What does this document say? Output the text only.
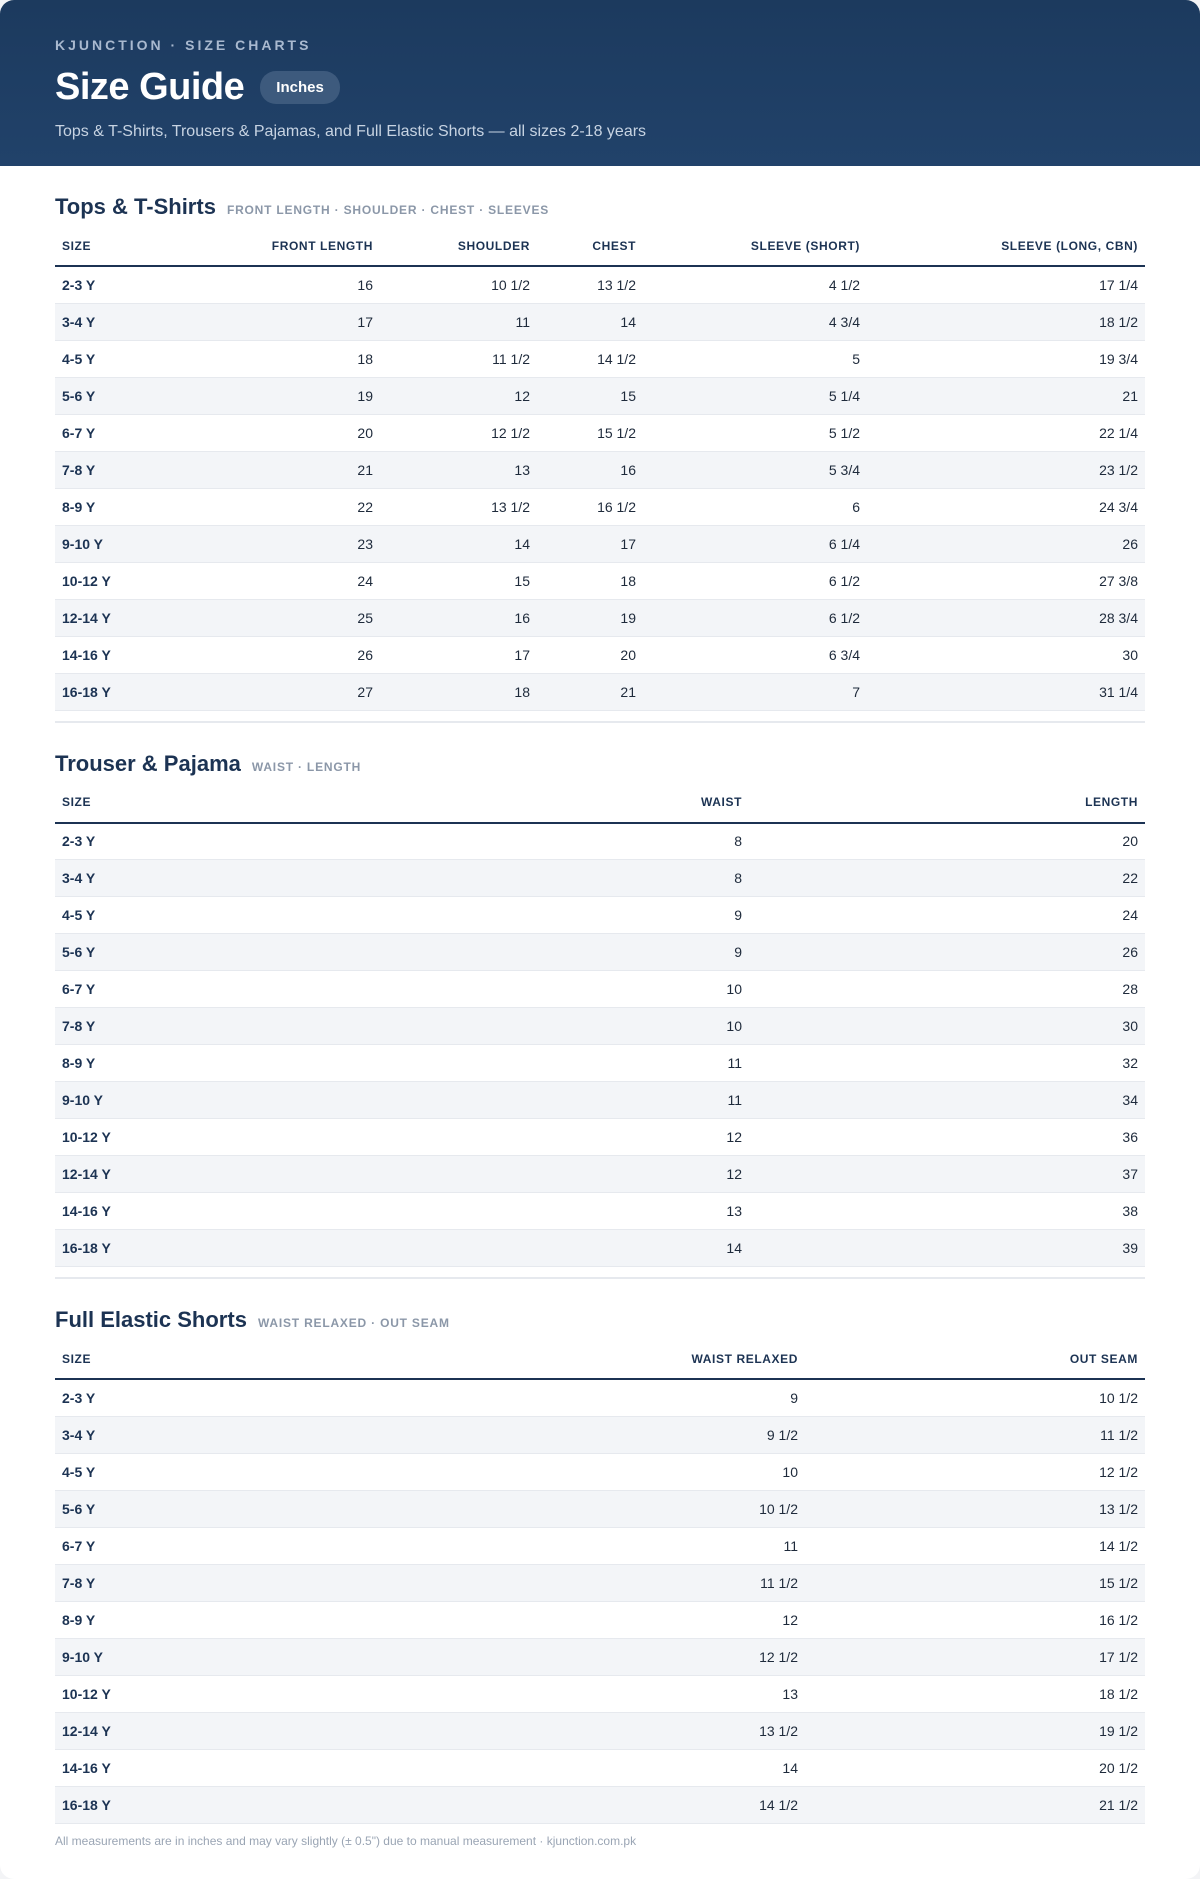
KJUNCTION · SIZE CHARTS
Size Guide	Inches
Tops & T-Shirts, Trousers & Pajamas, and Full Elastic Shorts — all sizes 2-18 years
Tops & T-Shirts FRONT LENGTH · SHOULDER · CHEST · SLEEVES
SIZE	FRONT LENGTH	SHOULDER	CHEST	SLEEVE (SHORT)	SLEEVE (LONG, CBN)
2-3 Y	16	10 1/2	13 1/2	4 1/2	17 1/4
3-4 Y	17	11	14	4 3/4	18 1/2
4-5 Y	18	11 1/2	14 1/2	5	19 3/4
5-6 Y	19	12	15	5 1/4	21
6-7 Y	20	12 1/2	15 1/2	5 1/2	22 1/4
7-8 Y	21	13	16	5 3/4	23 1/2
8-9 Y	22	13 1/2	16 1/2	6	24 3/4
9-10 Y	23	14	17	6 1/4	26
10-12 Y	24	15	18	6 1/2	27 3/8
12-14 Y	25	16	19	6 1/2	28 3/4
14-16 Y	26	17	20	6 3/4	30
16-18 Y	27	18	21	7	31 1/4
Trouser & Pajama WAIST · LENGTH
SIZE	WAIST	LENGTH
2-3 Y	8	20
3-4 Y	8	22
4-5 Y	9	24
5-6 Y	9	26
6-7 Y	10	28
7-8 Y	10	30
8-9 Y	11	32
9-10 Y	11	34
10-12 Y	12	36
12-14 Y	12	37
14-16 Y	13	38
16-18 Y	14	39
Full Elastic Shorts WAIST RELAXED · OUT SEAM
SIZE	WAIST RELAXED	OUT SEAM
2-3 Y	9	10 1/2
3-4 Y	9 1/2	11 1/2
4-5 Y	10	12 1/2
5-6 Y	10 1/2	13 1/2
6-7 Y	11	14 1/2
7-8 Y	11 1/2	15 1/2
8-9 Y	12	16 1/2
9-10 Y	12 1/2	17 1/2
10-12 Y	13	18 1/2
12-14 Y	13 1/2	19 1/2
14-16 Y	14	20 1/2
16-18 Y	14 1/2	21 1/2
All measurements are in inches and may vary slightly (± 0.5") due to manual measurement · kjunction.com.pk
